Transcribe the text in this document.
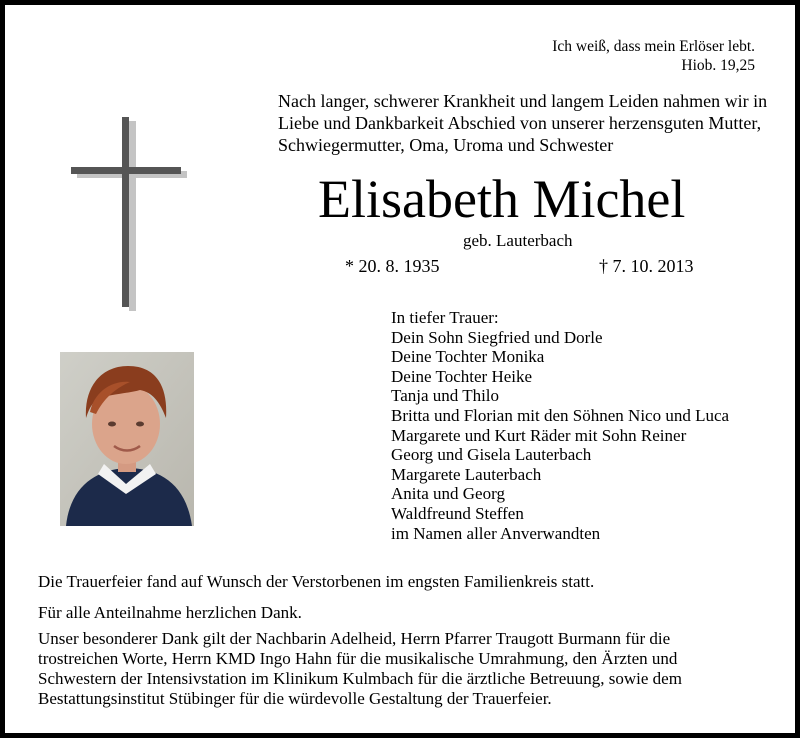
Ich weiß, dass mein Erlöser lebt.
Hiob. 19,25
Nach langer, schwerer Krankheit und langem Leiden nahmen wir in
Liebe und Dankbarkeit Abschied von unserer herzensguten Mutter,
Schwiegermutter, Oma, Uroma und Schwester
Elisabeth Michel
geb. Lauterbach
* 20. 8. 1935	† 7. 10. 2013
In tiefer Trauer:
Dein Sohn Siegfried und Dorle
Deine Tochter Monika
Deine Tochter Heike
Tanja und Thilo
Britta und Florian mit den Söhnen Nico und Luca
Margarete und Kurt Räder mit Sohn Reiner
Georg und Gisela Lauterbach
Margarete Lauterbach
Anita und Georg
Waldfreund Steffen
im Namen aller Anverwandten
Die Trauerfeier fand auf Wunsch der Verstorbenen im engsten Familienkreis statt.
Für alle Anteilnahme herzlichen Dank.
Unser besonderer Dank gilt der Nachbarin Adelheid, Herrn Pfarrer Traugott Burmann für die
trostreichen Worte, Herrn KMD Ingo Hahn für die musikalische Umrahmung, den Ärzten und
Schwestern der Intensivstation im Klinikum Kulmbach für die ärztliche Betreuung, sowie dem
Bestattungsinstitut Stübinger für die würdevolle Gestaltung der Trauerfeier.
